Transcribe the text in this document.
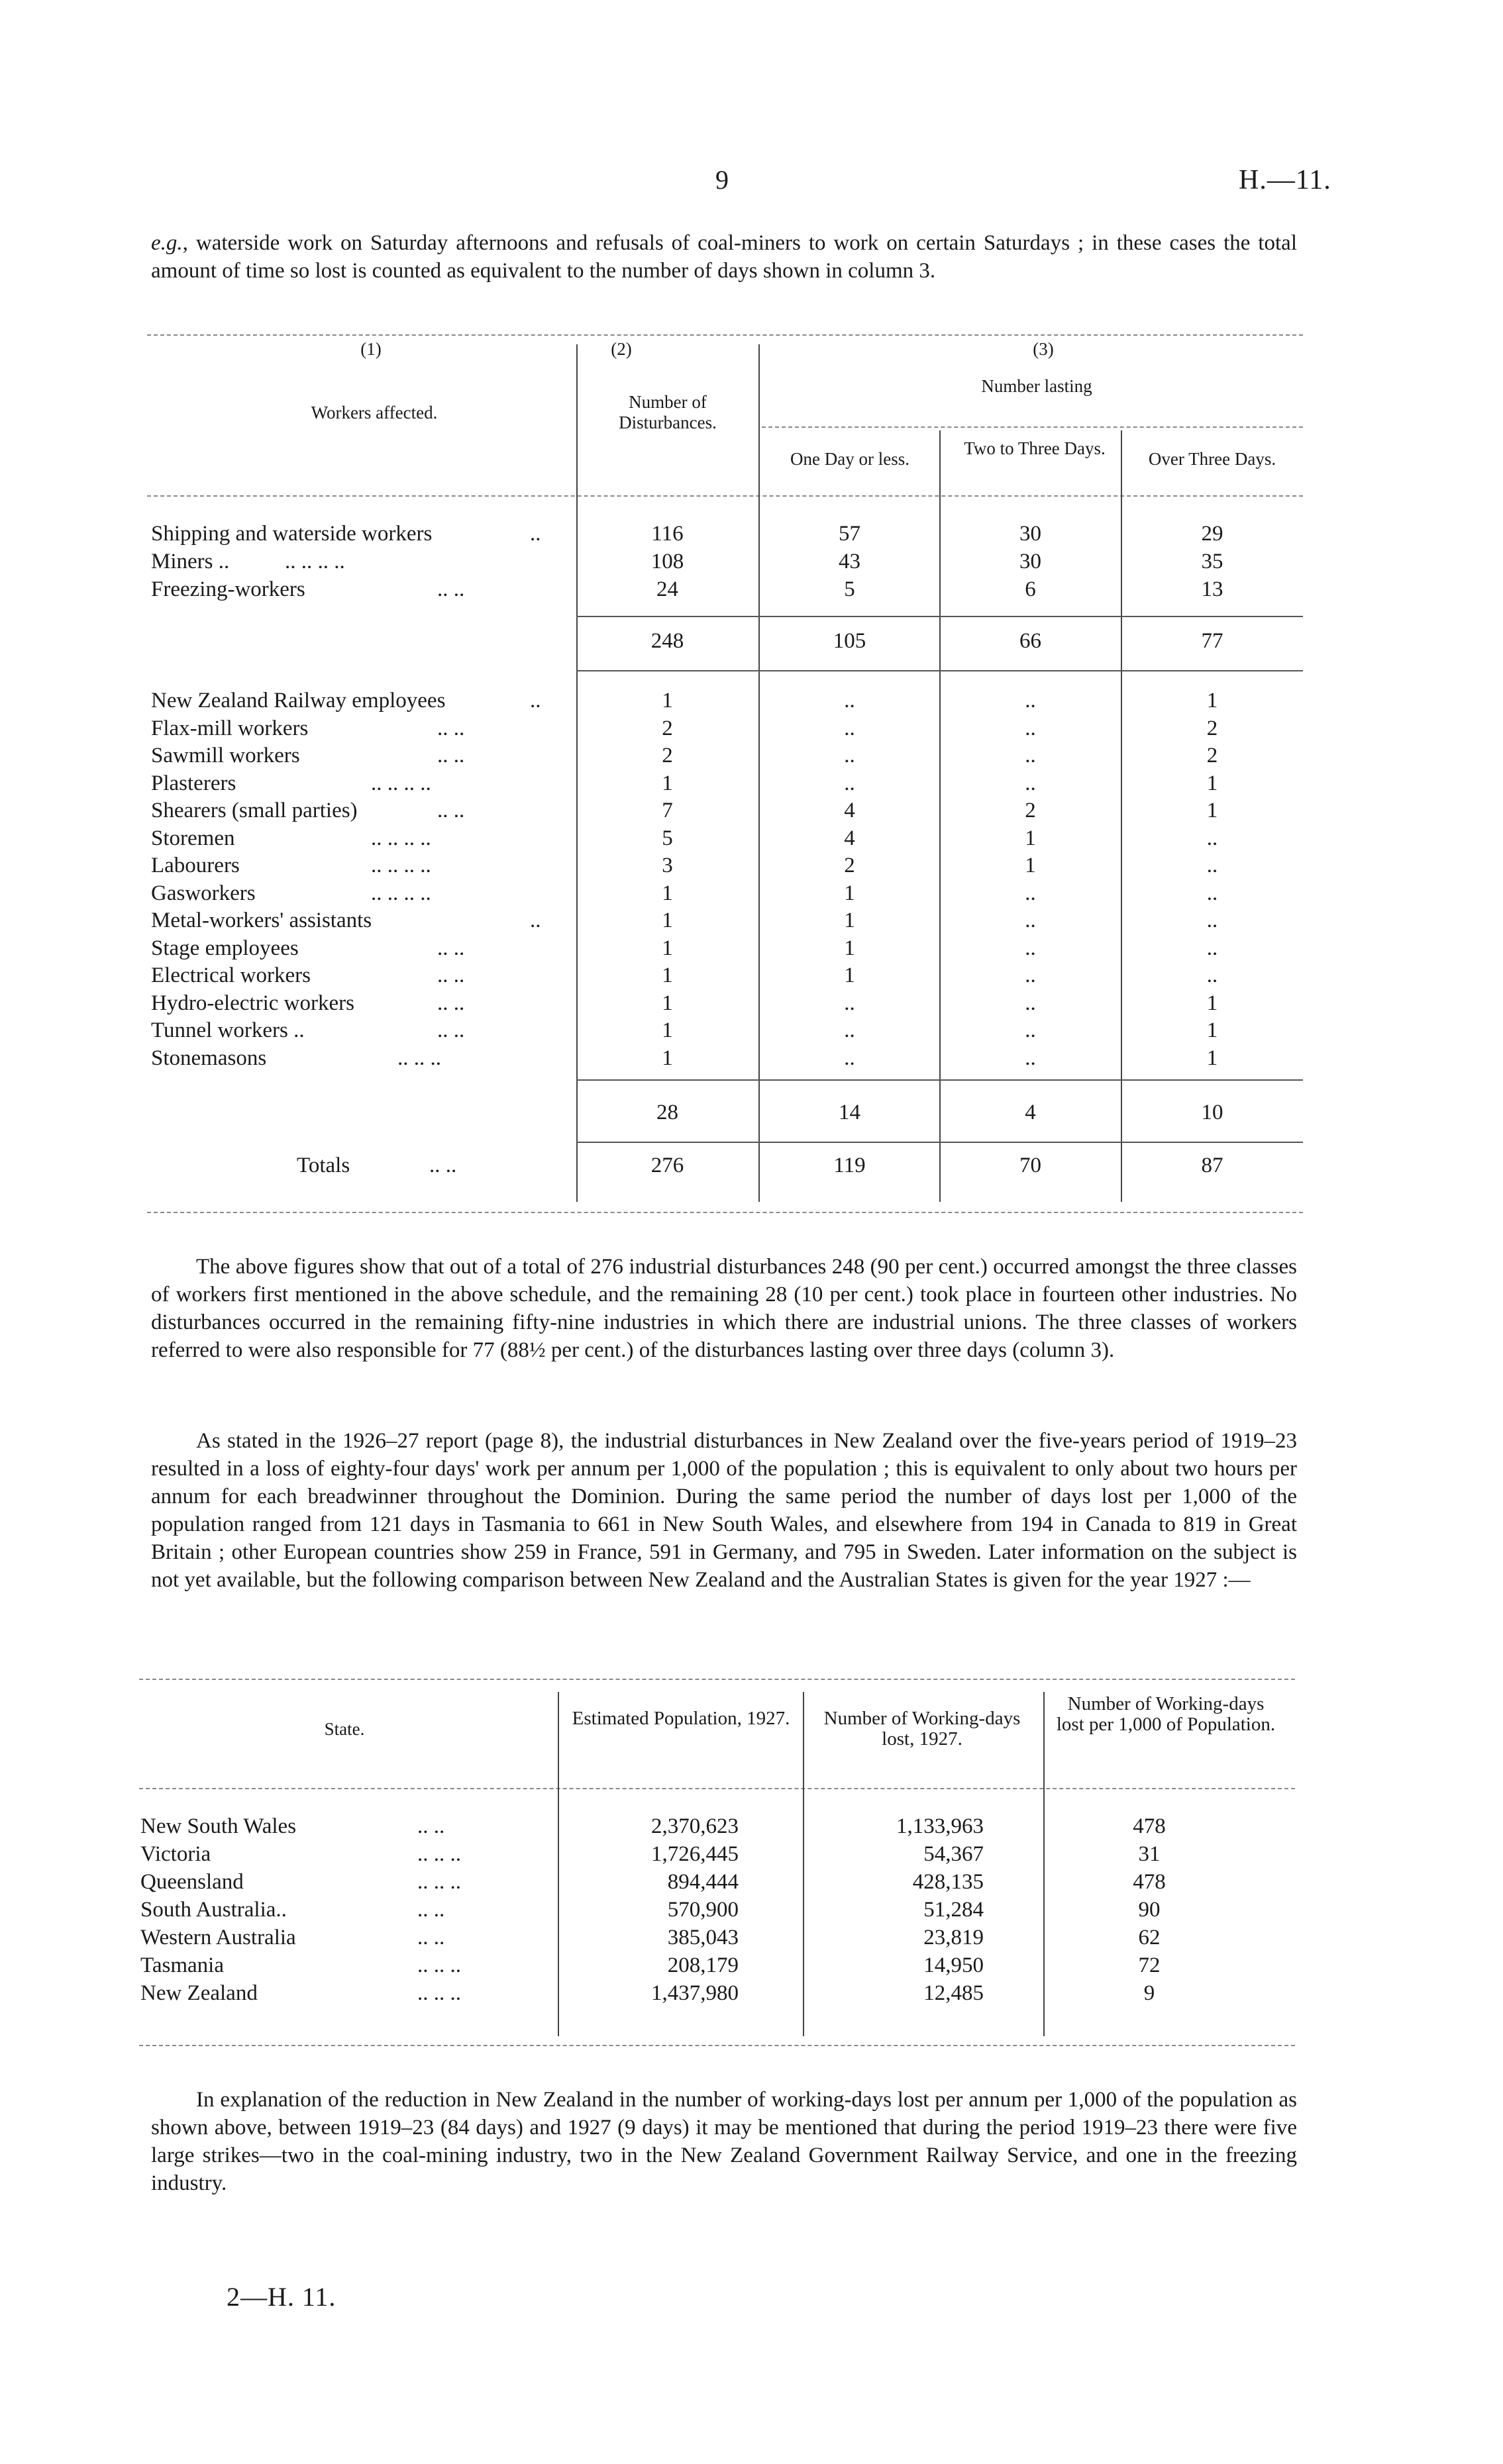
9	H.—11.
e.g., waterside work on Saturday afternoons and refusals of coal-miners to work on certain Saturdays ; in these cases the total amount of time so lost is counted as equivalent to the number of days shown in column 3.
(1)	(2)	(3)
Workers affected.
Number of Disturbances.
Number lasting
One Day or less.
Two to Three Days.
Over Three Days.
Shipping and waterside workers	..	116	57	30	29
Miners ..	.. .. .. ..	108	43	30	35
Freezing-workers	.. ..	24	5	6	13
248	105	66	77
New Zealand Railway employees	..	1	..	..	1
Flax-mill workers	.. ..	2	..	..	2
Sawmill workers	.. ..	2	..	..	2
Plasterers	.. .. .. ..	1	..	..	1
Shearers (small parties)	.. ..	7	4	2	1
Storemen	.. .. .. ..	5	4	1	..
Labourers	.. .. .. ..	3	2	1	..
Gasworkers	.. .. .. ..	1	1	..	..
Metal-workers' assistants	..	1	1	..	..
Stage employees	.. ..	1	1	..	..
Electrical workers	.. ..	1	1	..	..
Hydro-electric workers	.. ..	1	..	..	1
Tunnel workers ..	.. ..	1	..	..	1
Stonemasons	.. .. ..	1	..	..	1
28	14	4	10
Totals	.. ..	276	119	70	87
The above figures show that out of a total of 276 industrial disturbances 248 (90 per cent.) occurred amongst the three classes of workers first mentioned in the above schedule, and the remaining 28 (10 per cent.) took place in fourteen other industries. No disturbances occurred in the remaining fifty-nine industries in which there are industrial unions. The three classes of workers referred to were also responsible for 77 (88½ per cent.) of the disturbances lasting over three days (column 3).
As stated in the 1926–27 report (page 8), the industrial disturbances in New Zealand over the five-years period of 1919–23 resulted in a loss of eighty-four days' work per annum per 1,000 of the population ; this is equivalent to only about two hours per annum for each breadwinner throughout the Dominion. During the same period the number of days lost per 1,000 of the population ranged from 121 days in Tasmania to 661 in New South Wales, and elsewhere from 194 in Canada to 819 in Great Britain ; other European countries show 259 in France, 591 in Germany, and 795 in Sweden. Later information on the subject is not yet available, but the following comparison between New Zealand and the Australian States is given for the year 1927 :—
State.	Estimated Population, 1927.	Number of Working-days lost, 1927.
Number of Working-days lost per 1,000 of Population.
New South Wales	.. ..	2,370,623	1,133,963	478
Victoria	.. .. ..	1,726,445	54,367	31
Queensland	.. .. ..	894,444	428,135	478
South Australia..	.. ..	570,900	51,284	90
Western Australia	.. ..	385,043	23,819	62
Tasmania	.. .. ..	208,179	14,950	72
New Zealand	.. .. ..	1,437,980	12,485	9
In explanation of the reduction in New Zealand in the number of working-days lost per annum per 1,000 of the population as shown above, between 1919–23 (84 days) and 1927 (9 days) it may be mentioned that during the period 1919–23 there were five large strikes—two in the coal-mining industry, two in the New Zealand Government Railway Service, and one in the freezing industry.
2—H. 11.
